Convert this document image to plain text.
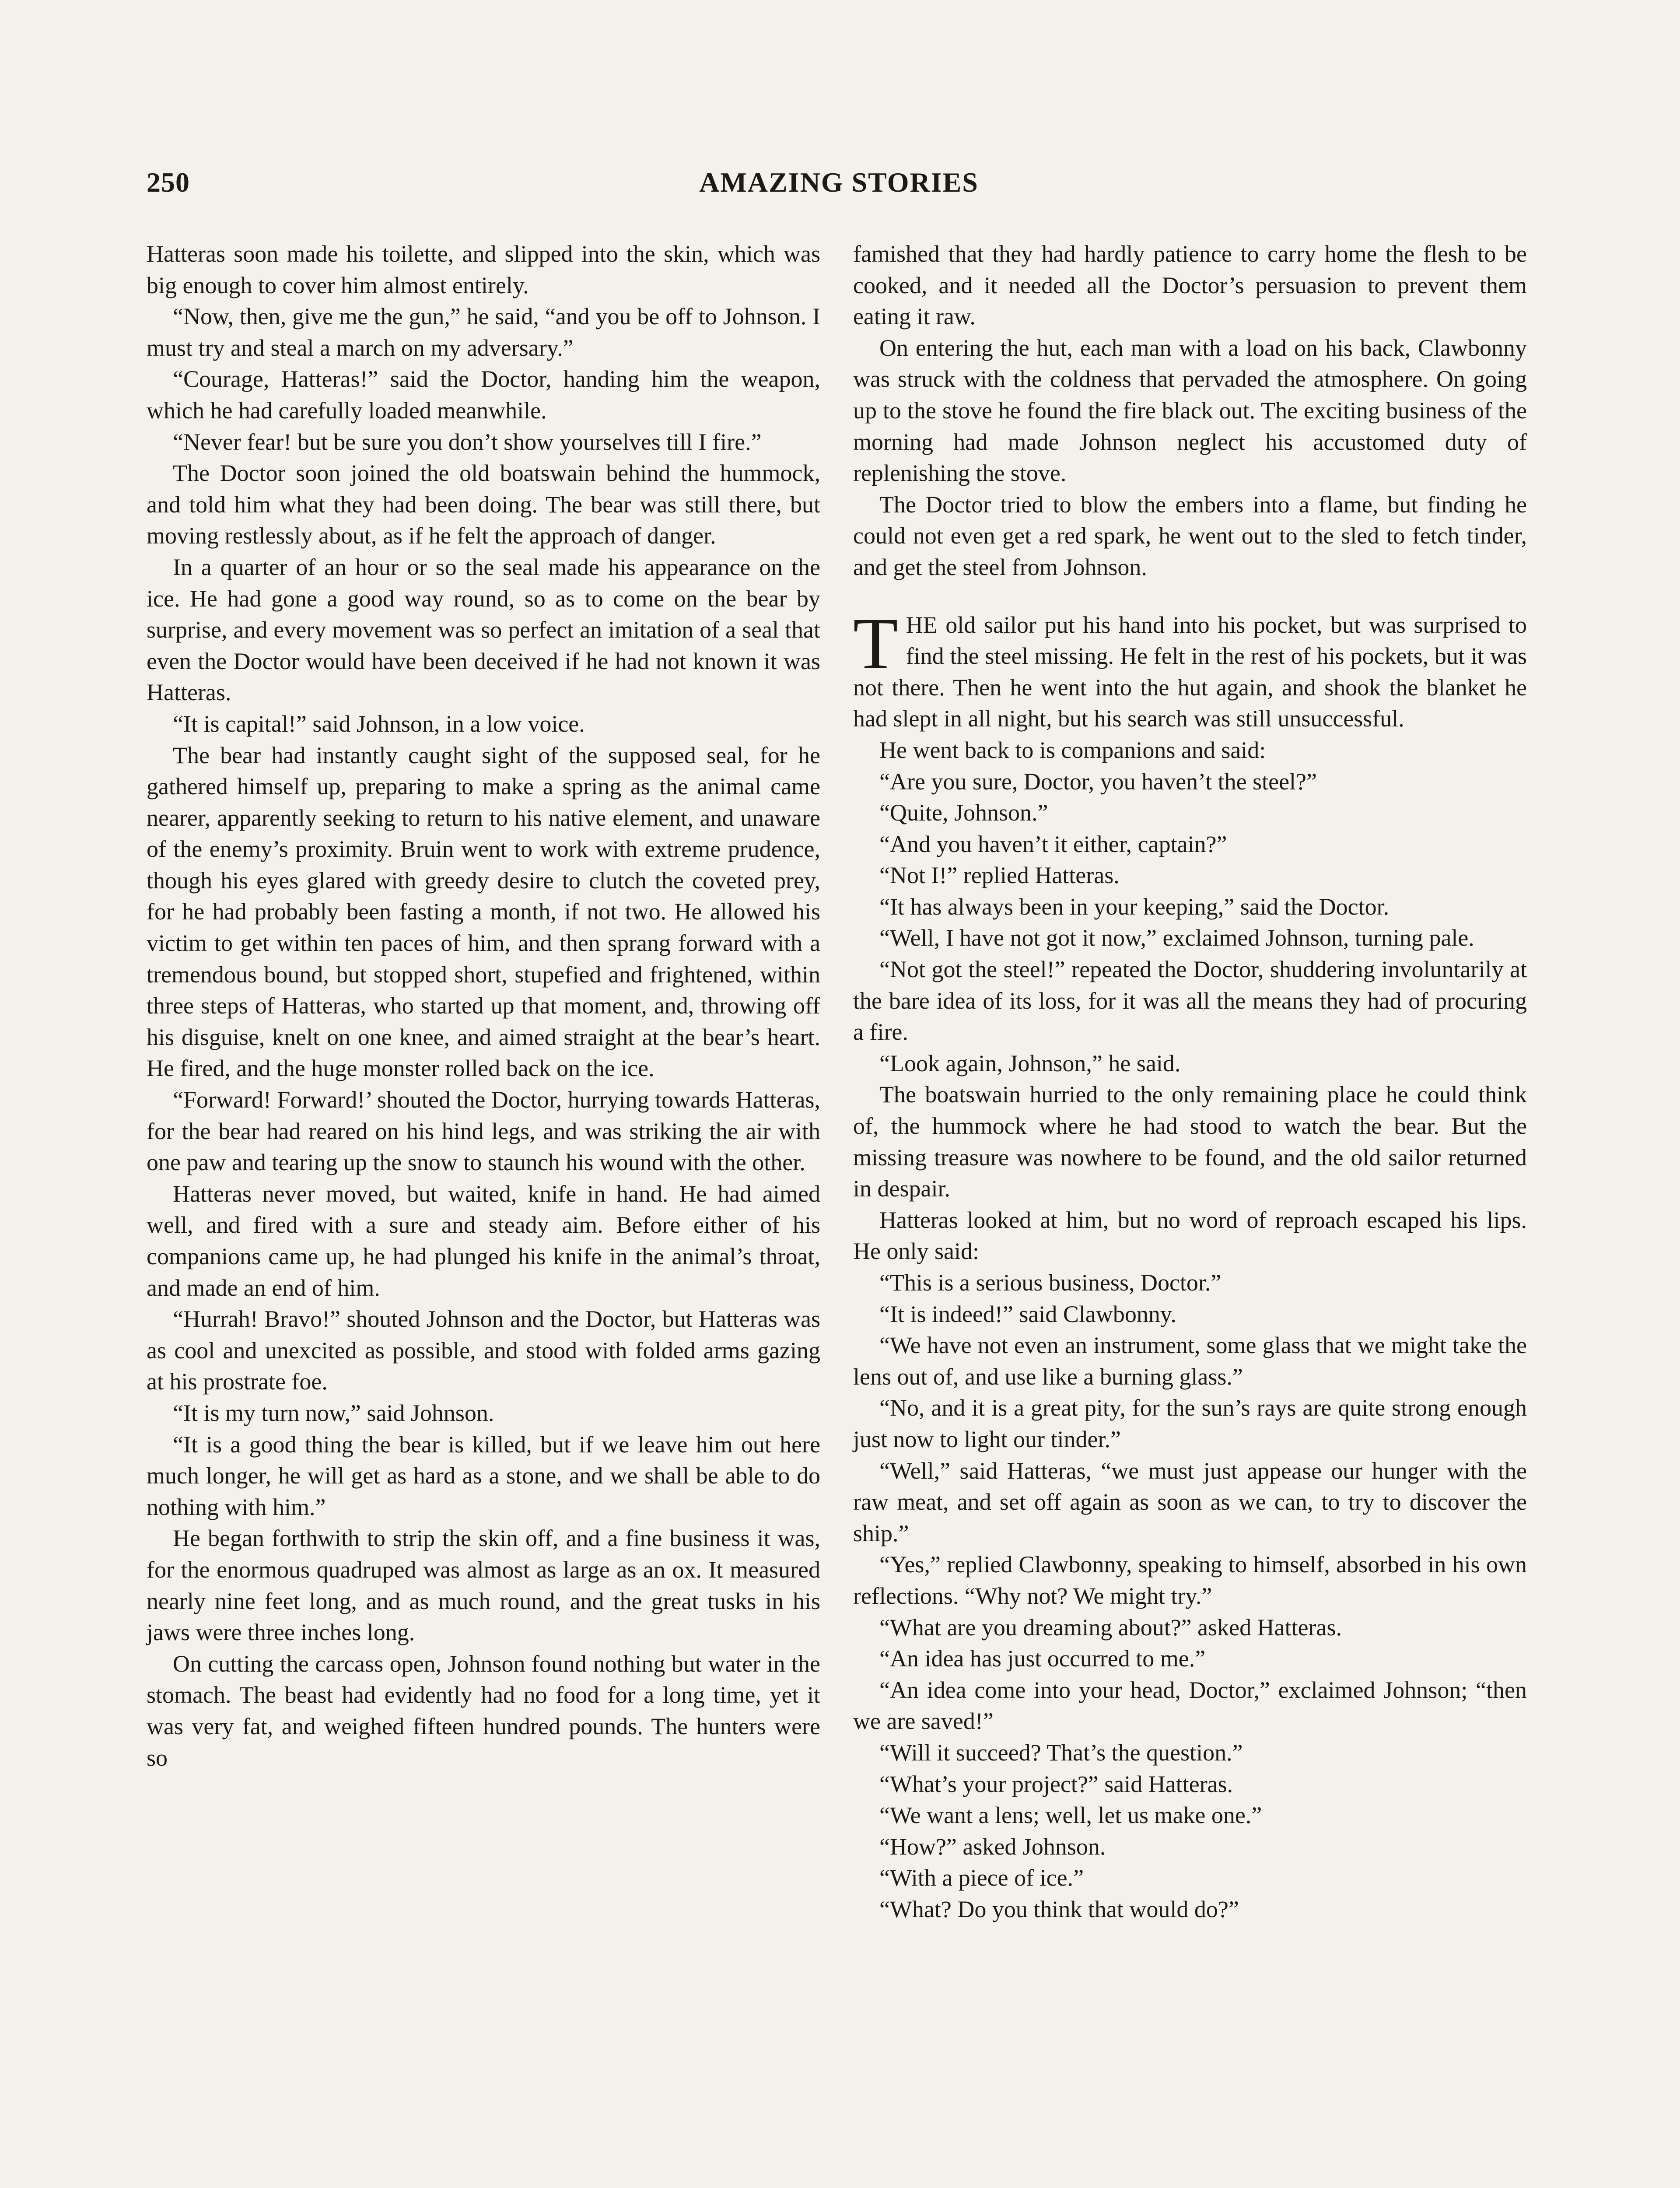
250	AMAZING STORIES

Hatteras soon made his toilette, and slipped into the skin, which was big enough to cover him almost entirely.

“Now, then, give me the gun,” he said, “and you be off to Johnson. I must try and steal a march on my adversary.”

“Courage, Hatteras!” said the Doctor, handing him the weapon, which he had carefully loaded meanwhile.

“Never fear! but be sure you don’t show yourselves till I fire.”

The Doctor soon joined the old boatswain behind the hummock, and told him what they had been doing. The bear was still there, but moving restlessly about, as if he felt the approach of danger.

In a quarter of an hour or so the seal made his appearance on the ice. He had gone a good way round, so as to come on the bear by surprise, and every movement was so perfect an imitation of a seal that even the Doctor would have been deceived if he had not known it was Hatteras.

“It is capital!” said Johnson, in a low voice.

The bear had instantly caught sight of the supposed seal, for he gathered himself up, preparing to make a spring as the animal came nearer, apparently seeking to return to his native element, and unaware of the enemy’s proximity. Bruin went to work with extreme prudence, though his eyes glared with greedy desire to clutch the coveted prey, for he had probably been fasting a month, if not two. He allowed his victim to get within ten paces of him, and then sprang forward with a tremendous bound, but stopped short, stupefied and frightened, within three steps of Hatteras, who started up that moment, and, throwing off his disguise, knelt on one knee, and aimed straight at the bear’s heart. He fired, and the huge monster rolled back on the ice.

“Forward! Forward!’ shouted the Doctor, hurrying towards Hatteras, for the bear had reared on his hind legs, and was striking the air with one paw and tearing up the snow to staunch his wound with the other.

Hatteras never moved, but waited, knife in hand. He had aimed well, and fired with a sure and steady aim. Before either of his companions came up, he had plunged his knife in the animal’s throat, and made an end of him.

“Hurrah! Bravo!” shouted Johnson and the Doctor, but Hatteras was as cool and unexcited as possible, and stood with folded arms gazing at his prostrate foe.

“It is my turn now,” said Johnson.

“It is a good thing the bear is killed, but if we leave him out here much longer, he will get as hard as a stone, and we shall be able to do nothing with him.”

He began forthwith to strip the skin off, and a fine business it was, for the enormous quadruped was almost as large as an ox. It measured nearly nine feet long, and as much round, and the great tusks in his jaws were three inches long.

On cutting the carcass open, Johnson found nothing but water in the stomach. The beast had evidently had no food for a long time, yet it was very fat, and weighed fifteen hundred pounds. The hunters were so

famished that they had hardly patience to carry home the flesh to be cooked, and it needed all the Doctor’s persuasion to prevent them eating it raw.

On entering the hut, each man with a load on his back, Clawbonny was struck with the coldness that pervaded the atmosphere. On going up to the stove he found the fire black out. The exciting business of the morning had made Johnson neglect his accustomed duty of replenishing the stove.

The Doctor tried to blow the embers into a flame, but finding he could not even get a red spark, he went out to the sled to fetch tinder, and get the steel from Johnson.

THE old sailor put his hand into his pocket, but was surprised to find the steel missing. He felt in the rest of his pockets, but it was not there. Then he went into the hut again, and shook the blanket he had slept in all night, but his search was still unsuccessful.

He went back to is companions and said:

“Are you sure, Doctor, you haven’t the steel?”

“Quite, Johnson.”

“And you haven’t it either, captain?”

“Not I!” replied Hatteras.

“It has always been in your keeping,” said the Doctor.

“Well, I have not got it now,” exclaimed Johnson, turning pale.

“Not got the steel!” repeated the Doctor, shuddering involuntarily at the bare idea of its loss, for it was all the means they had of procuring a fire.

“Look again, Johnson,” he said.

The boatswain hurried to the only remaining place he could think of, the hummock where he had stood to watch the bear. But the missing treasure was nowhere to be found, and the old sailor returned in despair.

Hatteras looked at him, but no word of reproach escaped his lips. He only said:

“This is a serious business, Doctor.”

“It is indeed!” said Clawbonny.

“We have not even an instrument, some glass that we might take the lens out of, and use like a burning glass.”

“No, and it is a great pity, for the sun’s rays are quite strong enough just now to light our tinder.”

“Well,” said Hatteras, “we must just appease our hunger with the raw meat, and set off again as soon as we can, to try to discover the ship.”

“Yes,” replied Clawbonny, speaking to himself, absorbed in his own reflections. “Why not? We might try.”

“What are you dreaming about?” asked Hatteras.

“An idea has just occurred to me.”

“An idea come into your head, Doctor,” exclaimed Johnson; “then we are saved!”

“Will it succeed? That’s the question.”

“What’s your project?” said Hatteras.

“We want a lens; well, let us make one.”

“How?” asked Johnson.

“With a piece of ice.”

“What? Do you think that would do?”
